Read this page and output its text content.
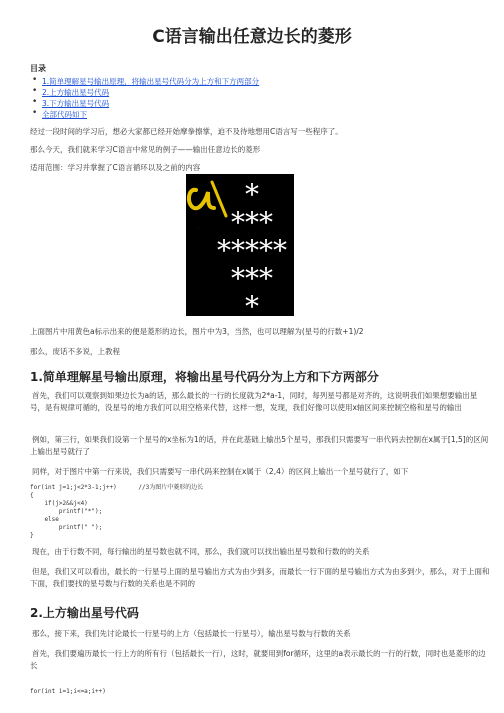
C语言输出任意边长的菱形
目录
• 1.简单理解星号输出原理，将输出星号代码分为上方和下方两部分
• 2.上方输出星号代码
• 3.下方输出星号代码
• 全部代码如下
经过一段时间的学习后，想必大家都已经开始摩拳擦掌，迫不及待地想用C语言写一些程序了。
那么今天，我们就来学习C语言中常见的例子——输出任意边长的菱形
适用范围：学习并掌握了C语言循环以及之前的内容
*
***
*****
***
*
a
上面图片中用黄色a标示出来的便是菱形的边长，图片中为3，当然，也可以理解为(星号的行数+1)/2
那么，废话不多说，上教程
1.简单理解星号输出原理，将输出星号代码分为上方和下方两部分
首先，我们可以观察到如果边长为a的话，那么最长的一行的长度就为2*a-1，同时，每列星号都是对齐的，这说明我们如果想要输出星号，是有规律可循的，没星号的地方我们可以用空格来代替，这样一想，发现，我们好像可以使用x轴区间来控制空格和星号的输出
例如，第三行，如果我们设第一个星号的x坐标为1的话，并在此基础上输出5个星号，那我们只需要写一串代码去控制在x属于[1,5]的区间上输出星号就行了
同样，对于图片中第一行来说，我们只需要写一串代码来控制在x属于（2,4）的区间上输出一个星号就行了，如下
for(int j=1;j<2*3-1;j++)      //3为图片中菱形的边长
{
if(j>2&&j<4)
printf("*");
else
printf(" ");
}
现在，由于行数不同，每行输出的星号数也就不同，那么，我们就可以找出输出星号数和行数的的关系
但是，我们又可以看出，最长的一行星号上面的星号输出方式为由少到多，而最长一行下面的星号输出方式为由多到少，那么，对于上面和下面，我们要找的星号数与行数的关系也是不同的
2.上方输出星号代码
那么，接下来，我们先讨论最长一行星号的上方（包括最长一行星号），输出星号数与行数的关系
首先，我们要遍历最长一行上方的所有行（包括最长一行），这时，就要用到for循环，这里的a表示最长的一行的行数，同时也是菱形的边长
for(int i=1;i<=a;i++)
